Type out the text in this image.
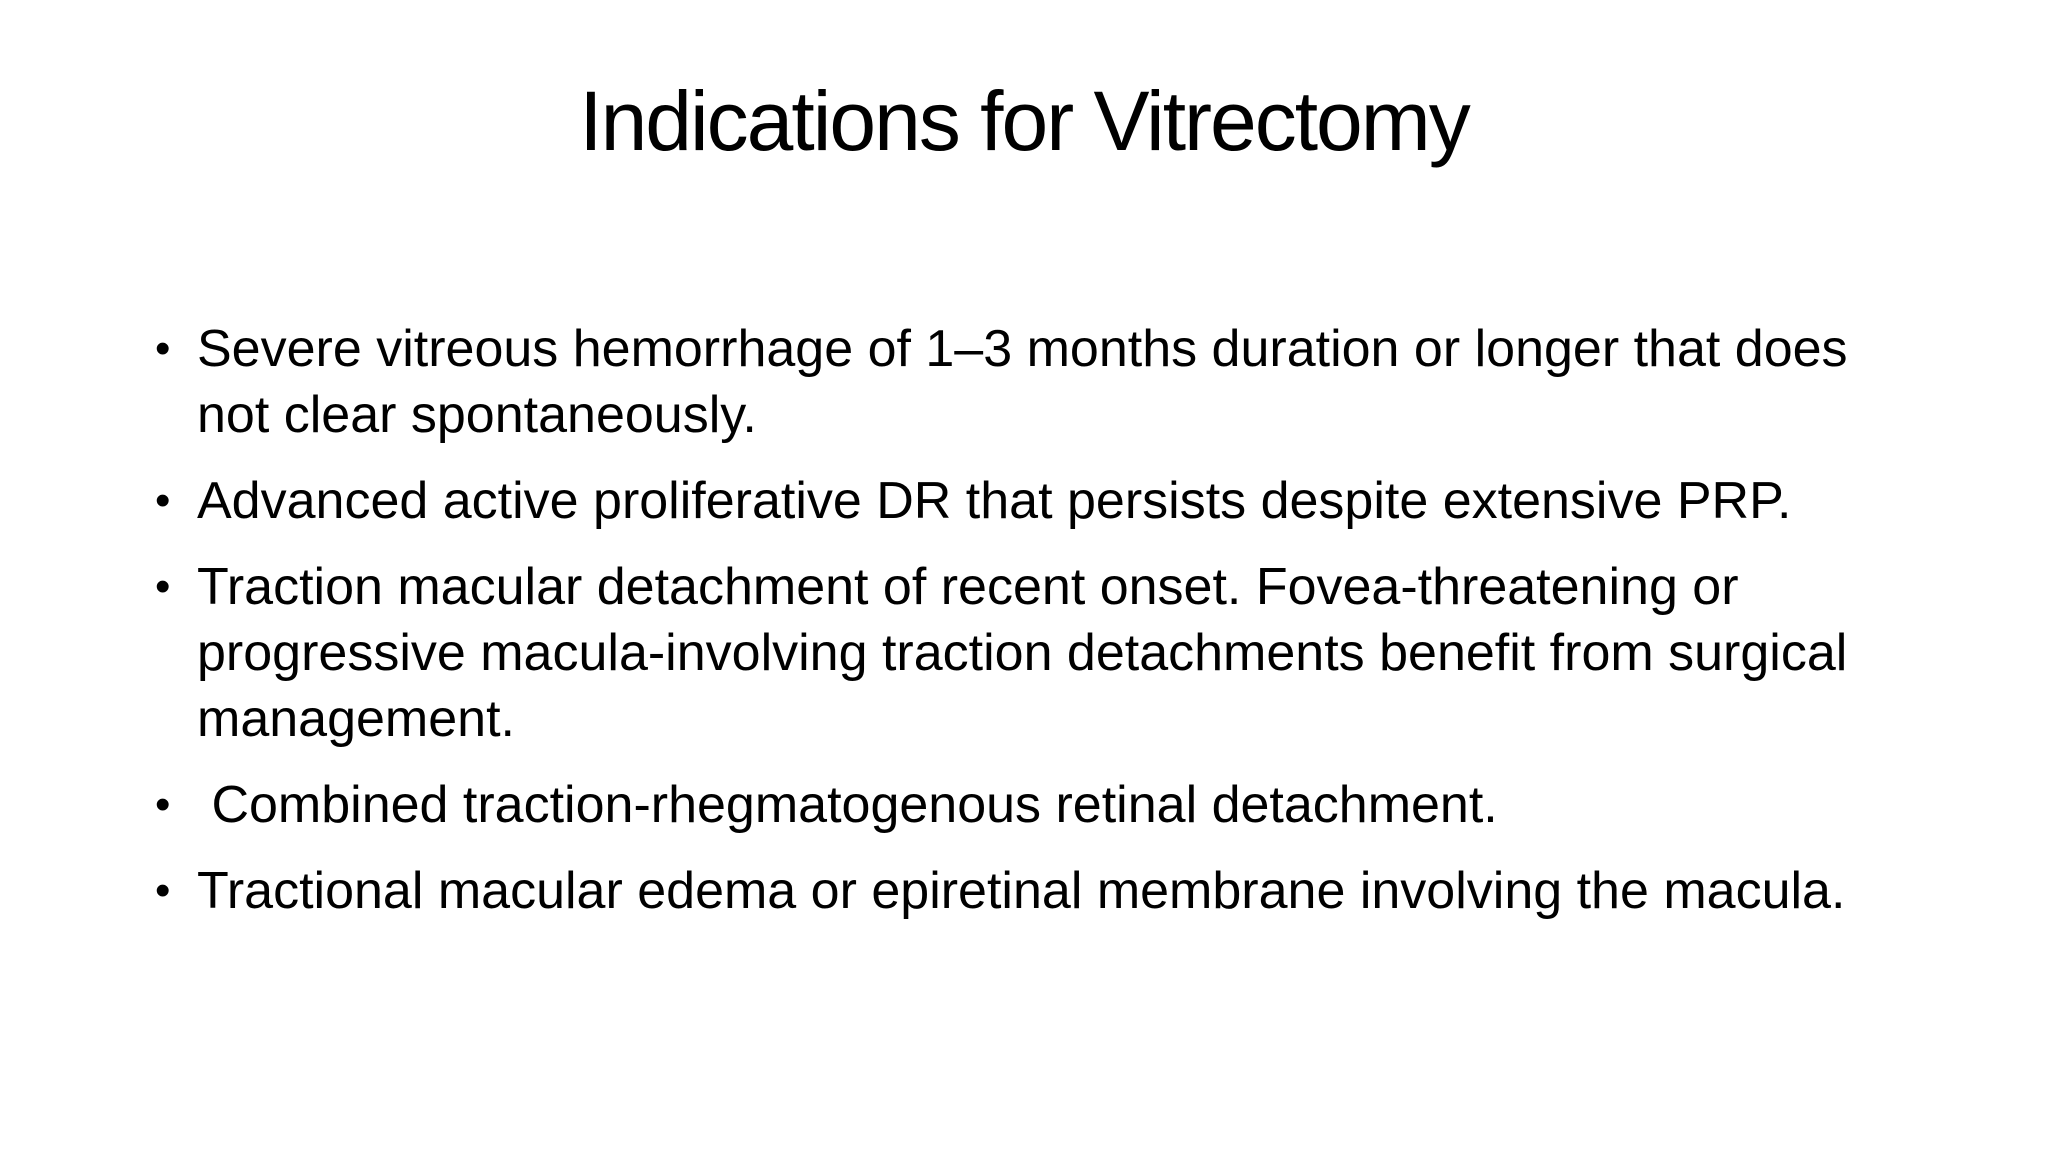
Indications for Vitrectomy
• Severe vitreous hemorrhage of 1–3 months duration or longer that does not clear spontaneously.
• Advanced active proliferative DR that persists despite extensive PRP.
• Traction macular detachment of recent onset. Fovea-threatening or progressive macula-involving traction detachments benefit from surgical management.
• Combined traction-rhegmatogenous retinal detachment.
• Tractional macular edema or epiretinal membrane involving the macula.
